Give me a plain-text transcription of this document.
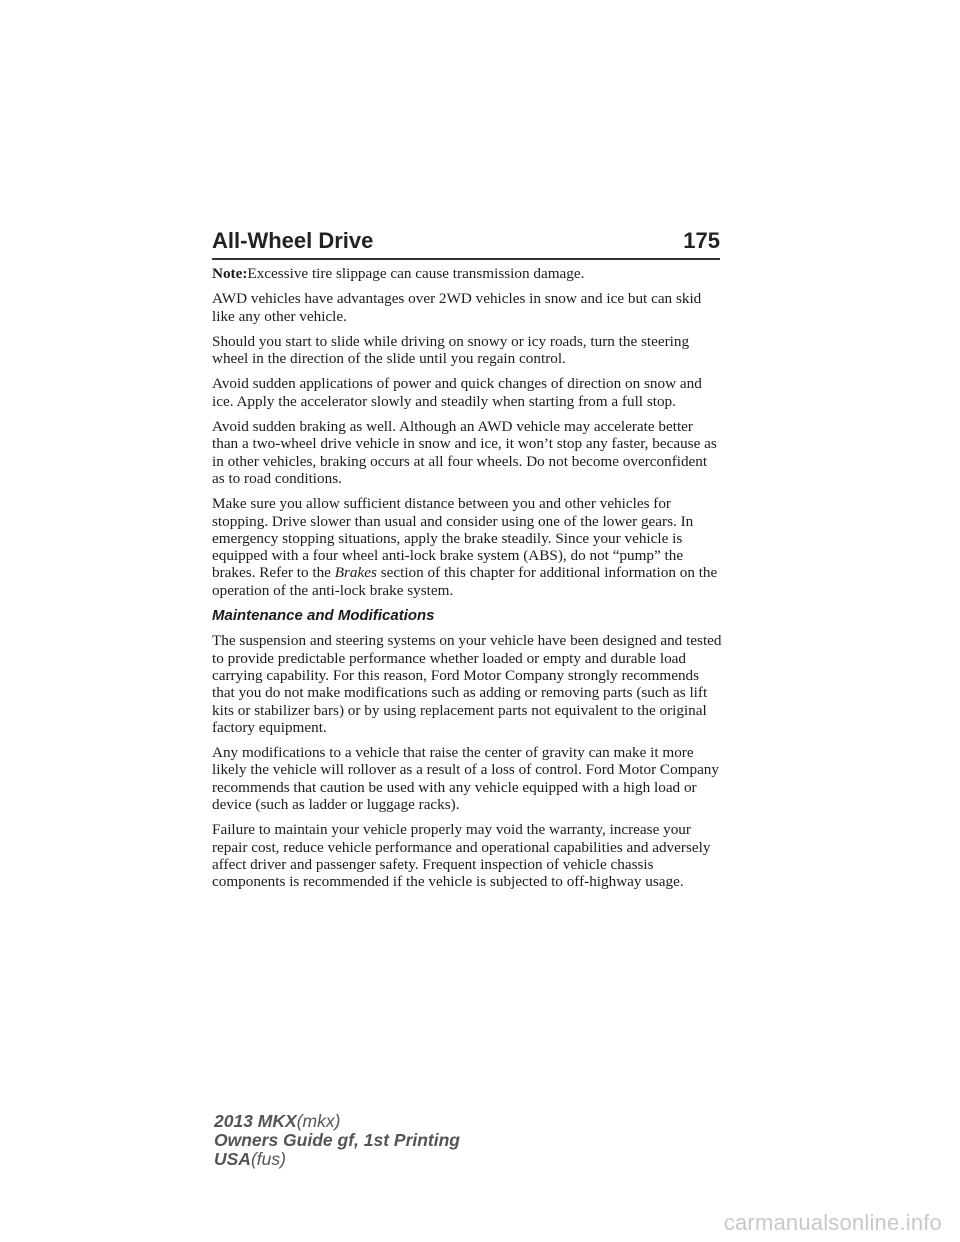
All-Wheel Drive	175

Note:Excessive tire slippage can cause transmission damage.

AWD vehicles have advantages over 2WD vehicles in snow and ice but can skid like any other vehicle.

Should you start to slide while driving on snowy or icy roads, turn the steering wheel in the direction of the slide until you regain control.

Avoid sudden applications of power and quick changes of direction on snow and ice. Apply the accelerator slowly and steadily when starting from a full stop.

Avoid sudden braking as well. Although an AWD vehicle may accelerate better than a two-wheel drive vehicle in snow and ice, it won’t stop any faster, because as in other vehicles, braking occurs at all four wheels. Do not become overconfident as to road conditions.

Make sure you allow sufficient distance between you and other vehicles for stopping. Drive slower than usual and consider using one of the lower gears. In emergency stopping situations, apply the brake steadily. Since your vehicle is equipped with a four wheel anti-lock brake system (ABS), do not “pump” the brakes. Refer to the Brakes section of this chapter for additional information on the operation of the anti-lock brake system.

Maintenance and Modifications

The suspension and steering systems on your vehicle have been designed and tested to provide predictable performance whether loaded or empty and durable load carrying capability. For this reason, Ford Motor Company strongly recommends that you do not make modifications such as adding or removing parts (such as lift kits or stabilizer bars) or by using replacement parts not equivalent to the original factory equipment.

Any modifications to a vehicle that raise the center of gravity can make it more likely the vehicle will rollover as a result of a loss of control. Ford Motor Company recommends that caution be used with any vehicle equipped with a high load or device (such as ladder or luggage racks).

Failure to maintain your vehicle properly may void the warranty, increase your repair cost, reduce vehicle performance and operational capabilities and adversely affect driver and passenger safety. Frequent inspection of vehicle chassis components is recommended if the vehicle is subjected to off-highway usage.

2013 MKX(mkx)
Owners Guide gf, 1st Printing
USA(fus)
carmanualsonline.info
